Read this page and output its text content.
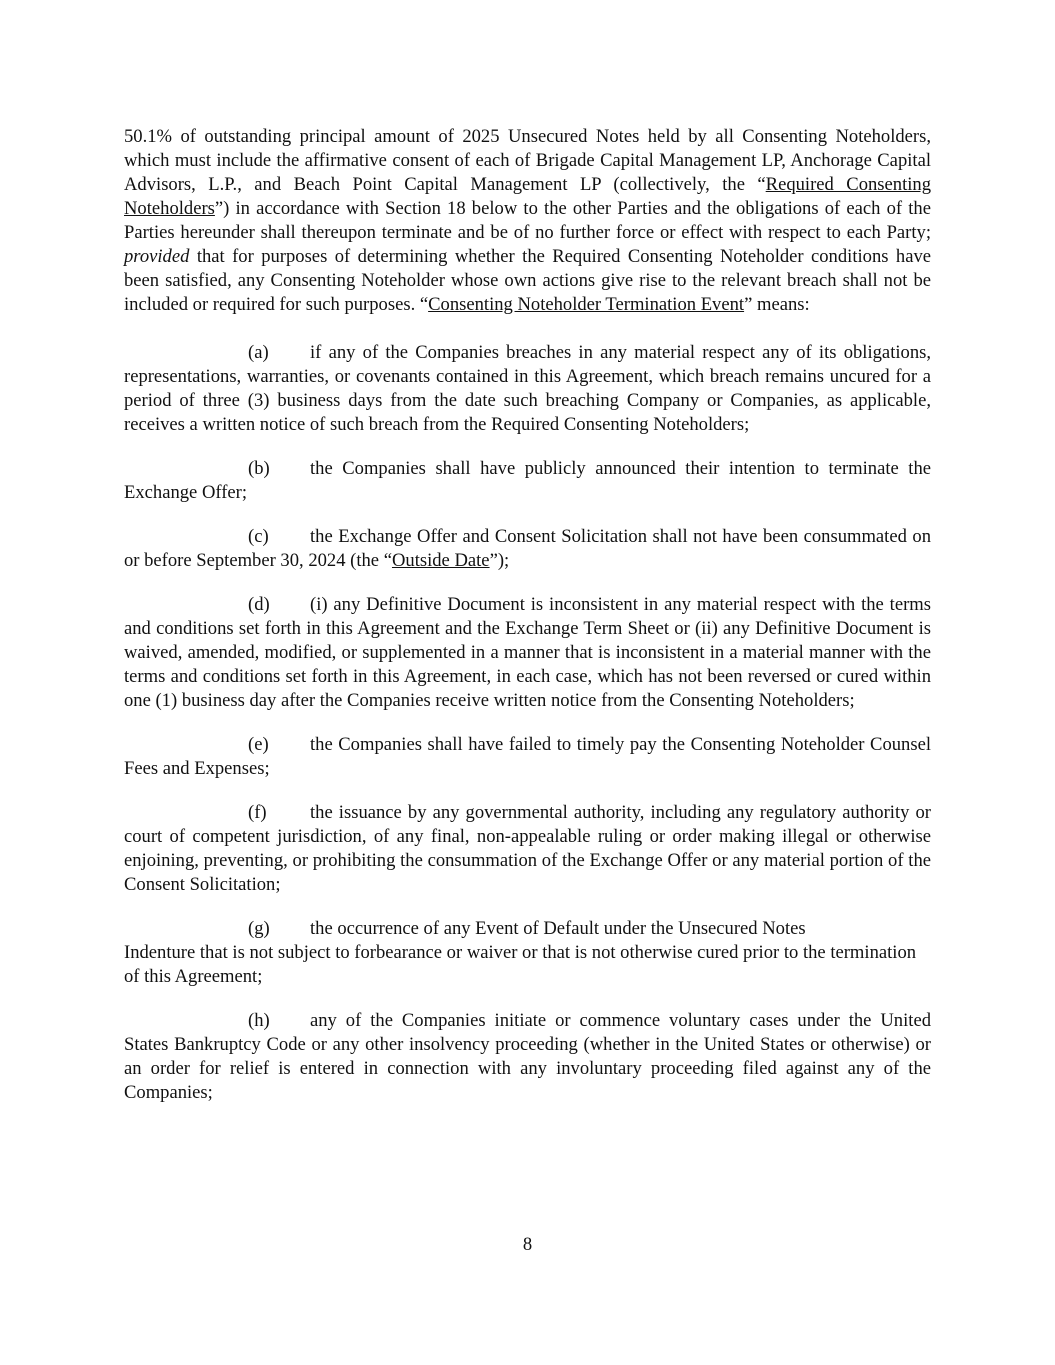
50.1% of outstanding principal amount of 2025 Unsecured Notes held by all Consenting Noteholders, which must include the affirmative consent of each of Brigade Capital Management LP, Anchorage Capital Advisors, L.P., and Beach Point Capital Management LP (collectively, the “Required Consenting Noteholders”) in accordance with Section 18 below to the other Parties and the obligations of each of the Parties hereunder shall thereupon terminate and be of no further force or effect with respect to each Party; provided that for purposes of determining whether the Required Consenting Noteholder conditions have been satisfied, any Consenting Noteholder whose own actions give rise to the relevant breach shall not be included or required for such purposes. “Consenting Noteholder Termination Event” means:

(a) if any of the Companies breaches in any material respect any of its obligations, representations, warranties, or covenants contained in this Agreement, which breach remains uncured for a period of three (3) business days from the date such breaching Company or Companies, as applicable, receives a written notice of such breach from the Required Consenting Noteholders;

(b) the Companies shall have publicly announced their intention to terminate the Exchange Offer;

(c) the Exchange Offer and Consent Solicitation shall not have been consummated on or before September 30, 2024 (the “Outside Date”);

(d) (i) any Definitive Document is inconsistent in any material respect with the terms and conditions set forth in this Agreement and the Exchange Term Sheet or (ii) any Definitive Document is waived, amended, modified, or supplemented in a manner that is inconsistent in a material manner with the terms and conditions set forth in this Agreement, in each case, which has not been reversed or cured within one (1) business day after the Companies receive written notice from the Consenting Noteholders;

(e) the Companies shall have failed to timely pay the Consenting Noteholder Counsel Fees and Expenses;

(f) the issuance by any governmental authority, including any regulatory authority or court of competent jurisdiction, of any final, non-appealable ruling or order making illegal or otherwise enjoining, preventing, or prohibiting the consummation of the Exchange Offer or any material portion of the Consent Solicitation;

(g) the occurrence of any Event of Default under the Unsecured Notes
Indenture that is not subject to forbearance or waiver or that is not otherwise cured prior to the termination of this Agreement;

(h) any of the Companies initiate or commence voluntary cases under the United States Bankruptcy Code or any other insolvency proceeding (whether in the United States or otherwise) or an order for relief is entered in connection with any involuntary proceeding filed against any of the Companies;

8
